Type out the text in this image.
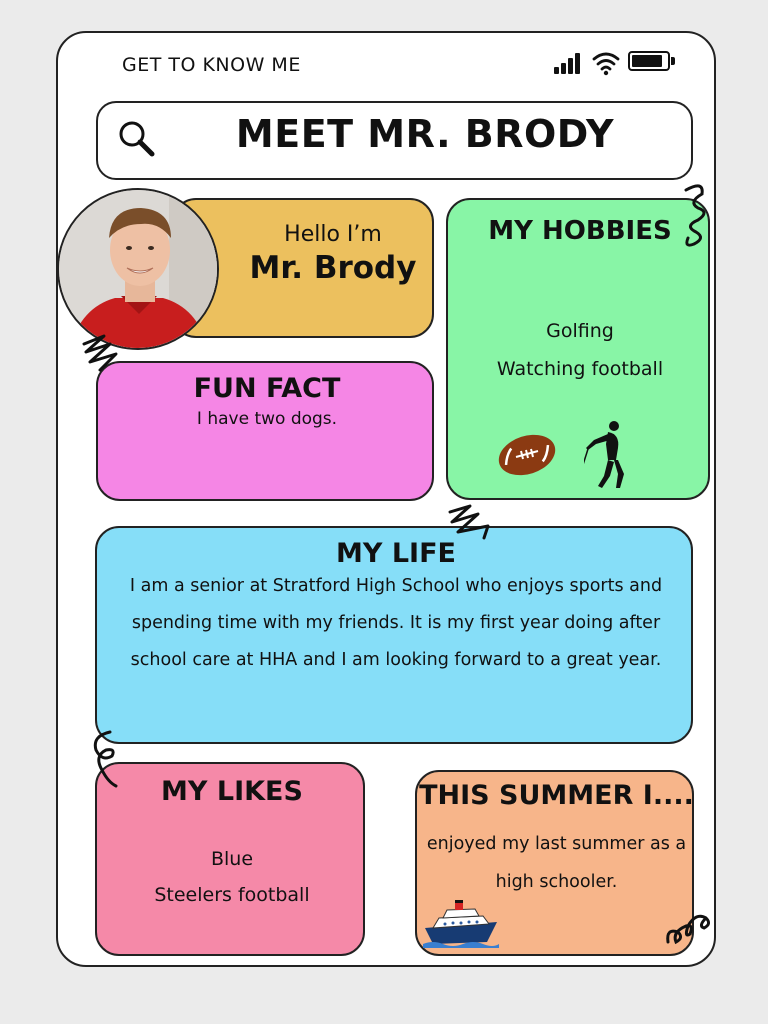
GET TO KNOW ME
MEET MR. BRODY
Hello I’m
Mr. Brody
FUN FACT
I have two dogs.
MY HOBBIES
Golfing
Watching football
MY LIFE
I am a senior at Stratford High School who enjoys sports and
spending time with my friends. It is my first year doing after
school care at HHA and I am looking forward to a great year.
MY LIKES
Blue
Steelers football
THIS SUMMER I....
enjoyed my last summer as a
high schooler.
